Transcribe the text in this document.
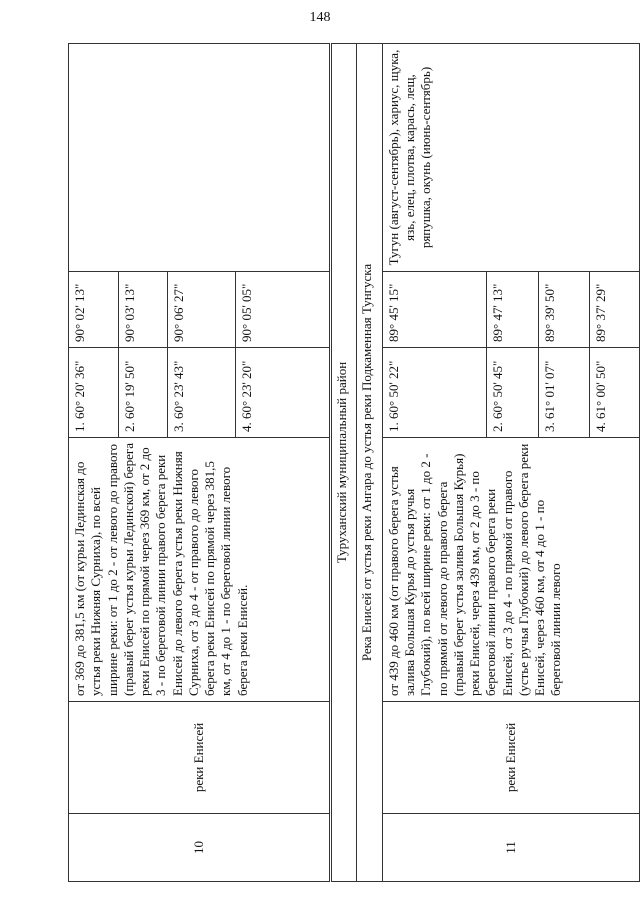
148
10	реки Енисей	от 369 до 381,5 км (от курьи Лединская до устья реки Нижняя Сурниха), по всей ширине реки: от 1 до 2 - от левого до правого (правый берег устья курьи Лединской) берега реки Енисей по прямой через 369 км, от 2 до 3 - по береговой линии правого берега реки Енисей до левого берега устья реки Нижняя Сурниха, от 3 до 4 - от правого до левого берега реки Енисей по прямой через 381,5 км, от 4 до 1 - по береговой линии левого берега реки Енисей.	1. 60° 20' 36"	90° 02' 13"	
			2. 60° 19' 50"	90° 03' 13"	
			3. 60° 23' 43"	90° 06' 27"	
			4. 60° 23' 20"	90° 05' 05"	
Туруханский муниципальный район					
Река Енисей от устья реки Ангара до устья реки Подкаменная Тунгуска					
11	реки Енисей	от 439 до 460 км (от правого берега устья залива Большая Курья до устья ручья Глубокий), по всей ширине реки: от 1 до 2 - по прямой от левого до правого берега (правый берег устья залива Большая Курья) реки Енисей, через 439 км, от 2 до 3 - по береговой линии правого берега реки Енисей, от 3 до 4 - по прямой от правого (устье ручья Глубокий) до левого берега реки Енисей, через 460 км, от 4 до 1 - по береговой линии левого	1. 60° 50' 22"	89° 45' 15"	Тугун (август-сентябрь), хариус, щука, язь, елец, плотва, карась, лещ, ряпушка, окунь (июнь-сентябрь)
			2. 60° 50' 45"	89° 47' 13"	
			3. 61° 01' 07"	89° 39' 50"	
			4. 61° 00' 50"	89° 37' 29"	
